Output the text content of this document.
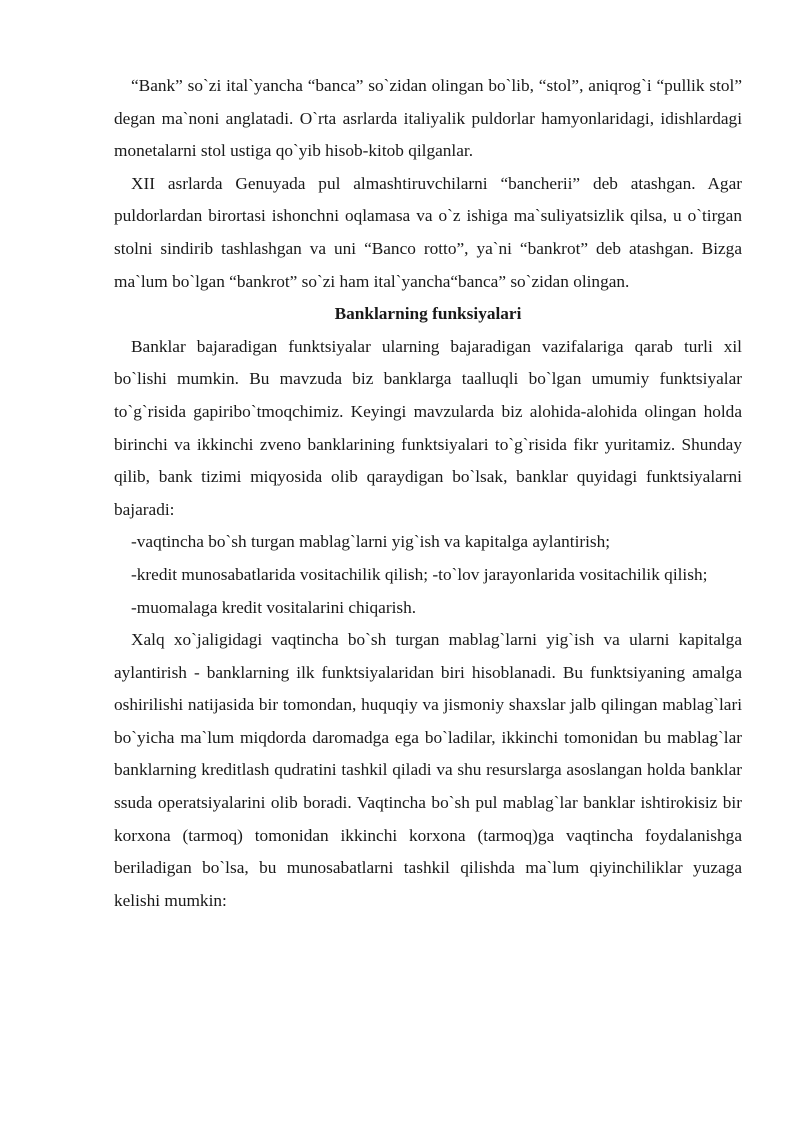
“Bank” so`zi ital`yancha “banca” so`zidan olingan bo`lib, “stol”, aniqrog`i “pullik stol” degan ma`noni anglatadi. O`rta asrlarda italiyalik puldorlar hamyonlaridagi, idishlardagi monetalarni stol ustiga qo`yib hisob-kitob qilganlar.

XII asrlarda Genuyada pul almashtiruvchilarni “bancherii” deb atashgan. Agar puldorlardan birortasi ishonchni oqlamasa va o`z ishiga ma`suliyatsizlik qilsa, u o`tirgan stolni sindirib tashlashgan va uni “Banco rotto”, ya`ni “bankrot” deb atashgan. Bizga ma`lum bo`lgan “bankrot” so`zi ham ital`yancha“banca” so`zidan olingan.

Banklarning funksiyalari

Banklar bajaradigan funktsiyalar ularning bajaradigan vazifalariga qarab turli xil bo`lishi mumkin. Bu mavzuda biz banklarga taalluqli bo`lgan umumiy funktsiyalar to`g`risida gapiribo`tmoqchimiz. Keyingi mavzularda biz alohida-alohida olingan holda birinchi va ikkinchi zveno banklarining funktsiyalari to`g`risida fikr yuritamiz. Shunday qilib, bank tizimi miqyosida olib qaraydigan bo`lsak, banklar quyidagi funktsiyalarni bajaradi:

-vaqtincha bo`sh turgan mablag`larni yig`ish va kapitalga aylantirish;

-kredit munosabatlarida vositachilik qilish; -to`lov jarayonlarida vositachilik qilish;

-muomalaga kredit vositalarini chiqarish.

Xalq xo`jaligidagi vaqtincha bo`sh turgan mablag`larni yig`ish va ularni kapitalga aylantirish - banklarning ilk funktsiyalaridan biri hisoblanadi. Bu funktsiyaning amalga oshirilishi natijasida bir tomondan, huquqiy va jismoniy shaxslar jalb qilingan mablag`lari bo`yicha ma`lum miqdorda daromadga ega bo`ladilar, ikkinchi tomonidan bu mablag`lar banklarning kreditlash qudratini tashkil qiladi va shu resurslarga asoslangan holda banklar ssuda operatsiyalarini olib boradi. Vaqtincha bo`sh pul mablag`lar banklar ishtirokisiz bir korxona (tarmoq) tomonidan ikkinchi korxona (tarmoq)ga vaqtincha foydalanishga beriladigan bo`lsa, bu munosabatlarni tashkil qilishda ma`lum qiyinchiliklar yuzaga kelishi mumkin:
